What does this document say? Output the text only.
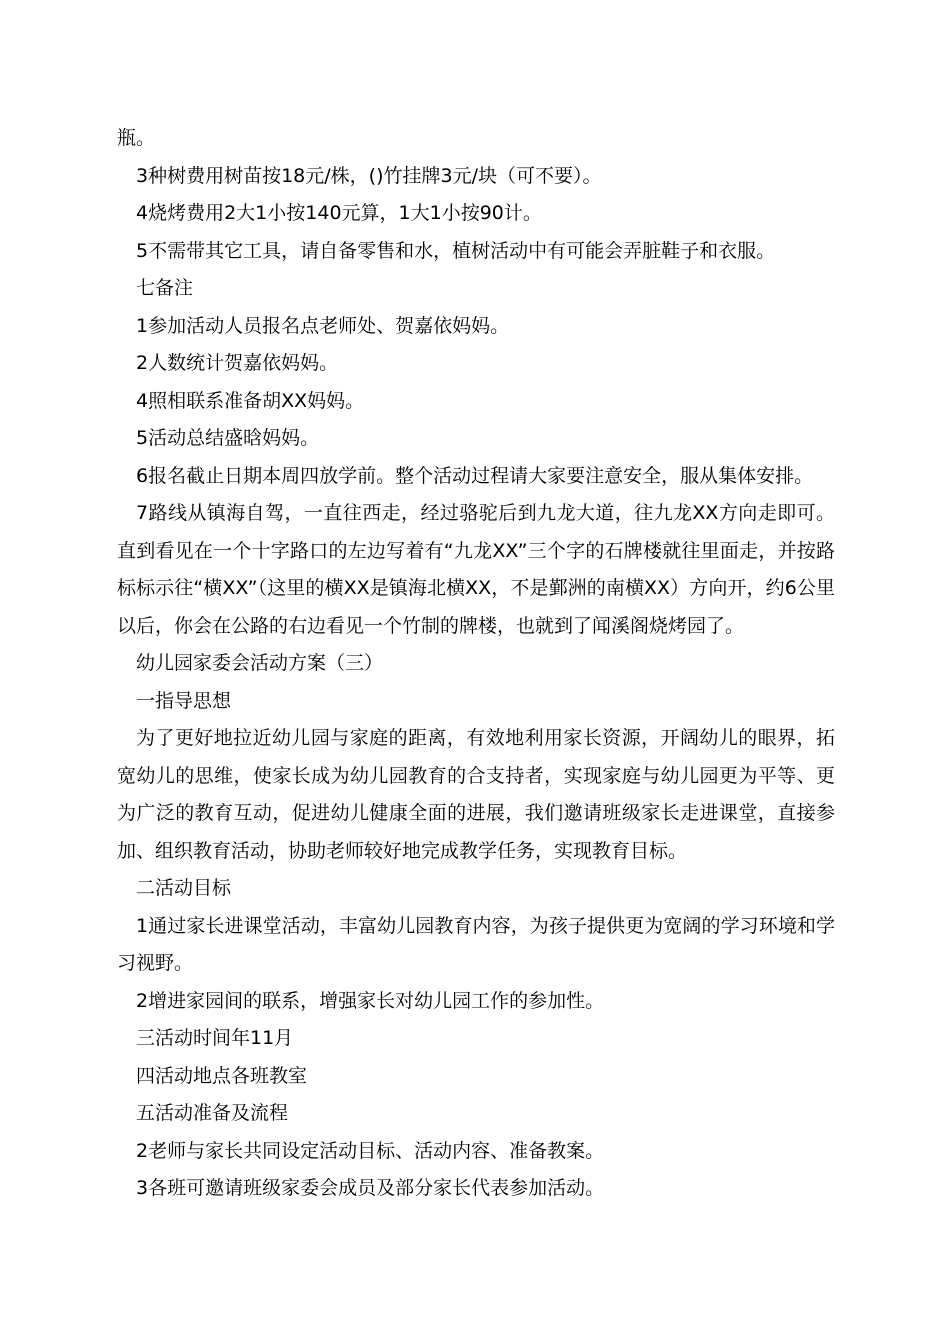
瓶。

3种树费用树苗按18元/株，()竹挂牌3元/块（可不要）。

4烧烤费用2大1小按140元算，1大1小按90计。

5不需带其它工具，请自备零售和水，植树活动中有可能会弄脏鞋子和衣服。

七备注

1参加活动人员报名点老师处、贺嘉依妈妈。

2人数统计贺嘉依妈妈。

4照相联系准备胡XX妈妈。

5活动总结盛晗妈妈。

6报名截止日期本周四放学前。整个活动过程请大家要注意安全，服从集体安排。

7路线从镇海自驾，一直往西走，经过骆驼后到九龙大道，往九龙XX方向走即可。直到看见在一个十字路口的左边写着有“九龙XX”三个字的石牌楼就往里面走，并按路标标示往“横XX”（这里的横XX是镇海北横XX，不是鄞洲的南横XX）方向开，约6公里以后，你会在公路的右边看见一个竹制的牌楼，也就到了闻溪阁烧烤园了。

幼儿园家委会活动方案（三）

一指导思想

为了更好地拉近幼儿园与家庭的距离，有效地利用家长资源，开阔幼儿的眼界，拓宽幼儿的思维，使家长成为幼儿园教育的合支持者，实现家庭与幼儿园更为平等、更为广泛的教育互动，促进幼儿健康全面的进展，我们邀请班级家长走进课堂，直接参加、组织教育活动，协助老师较好地完成教学任务，实现教育目标。

二活动目标

1通过家长进课堂活动，丰富幼儿园教育内容，为孩子提供更为宽阔的学习环境和学习视野。

2增进家园间的联系，增强家长对幼儿园工作的参加性。

三活动时间年11月

四活动地点各班教室

五活动准备及流程

2老师与家长共同设定活动目标、活动内容、准备教案。

3各班可邀请班级家委会成员及部分家长代表参加活动。
